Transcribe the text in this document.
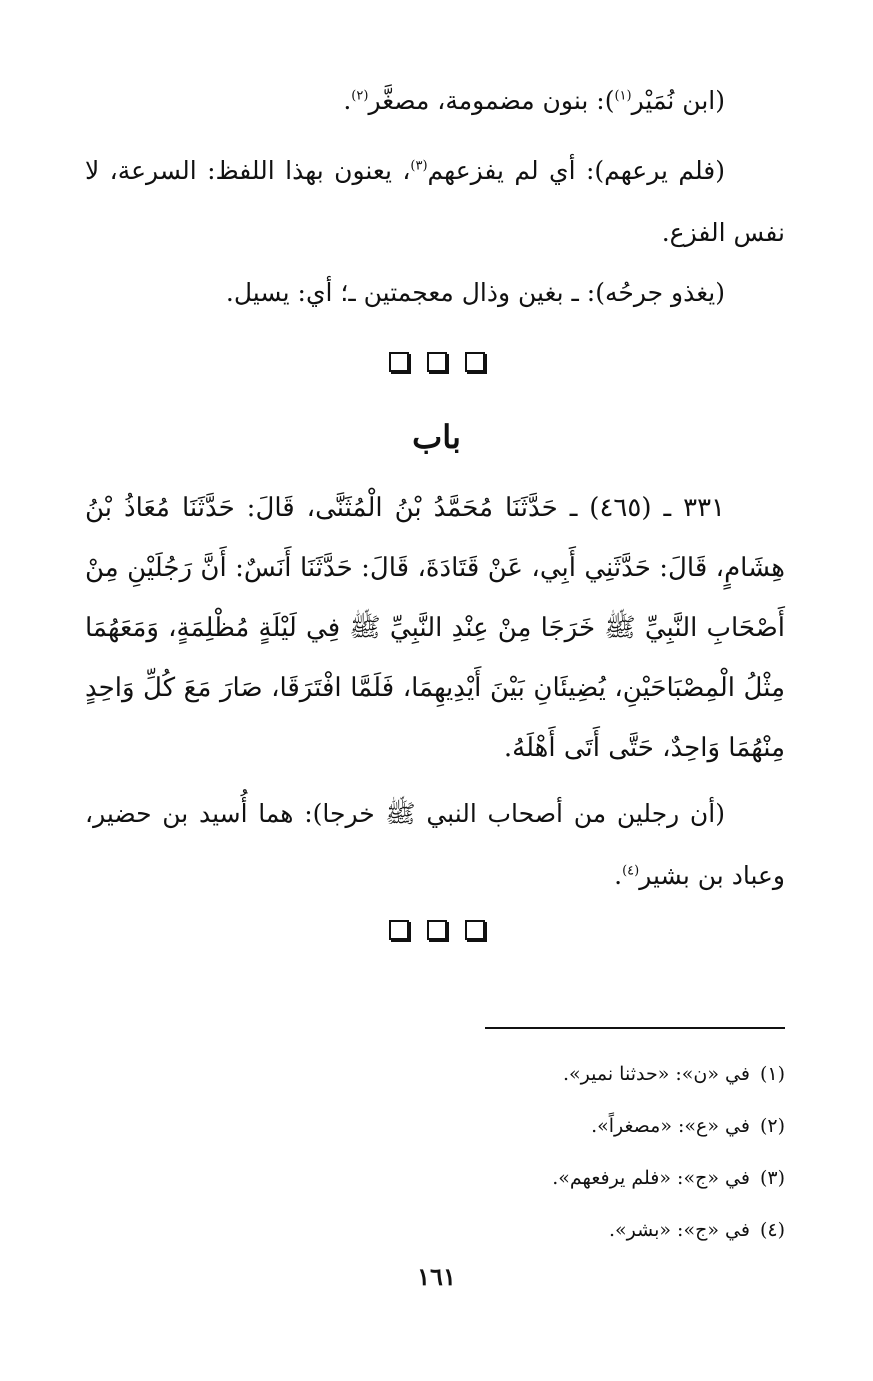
(ابن نُمَيْر$^{(١)}$): بنون مضمومة، مصغَّر$^{(٢)}$.

(فلم يرعهم): أي لم يفزعهم$^{(٣)}$، يعنون بهذا اللفظ: السرعة، لا نفس الفزع.

(يغذو جرحُه): ـ بغين وذال معجمتين ـ؛ أي: يسيل.

باب

٣٣١ ـ (٤٦٥) ـ حَدَّثَنَا مُحَمَّدُ بْنُ الْمُثَنَّى، قَالَ: حَدَّثَنَا مُعَاذُ بْنُ هِشَامٍ، قَالَ: حَدَّثَنِي أَبِي، عَنْ قَتَادَةَ، قَالَ: حَدَّثَنَا أَنَسٌ: أَنَّ رَجُلَيْنِ مِنْ أَصْحَابِ النَّبِيِّ ﷺ خَرَجَا مِنْ عِنْدِ النَّبِيِّ ﷺ فِي لَيْلَةٍ مُظْلِمَةٍ، وَمَعَهُمَا مِثْلُ الْمِصْبَاحَيْنِ، يُضِيئَانِ بَيْنَ أَيْدِيهِمَا، فَلَمَّا افْتَرَقَا، صَارَ مَعَ كُلِّ وَاحِدٍ مِنْهُمَا وَاحِدٌ، حَتَّى أَتَى أَهْلَهُ.

(أن رجلين من أصحاب النبي ﷺ خرجا): هما أُسيد بن حضير، وعباد بن بشير$^{(٤)}$.

(١)في «ن»: «حدثنا نمير».
(٢)في «ع»: «مصغراً».
(٣)في «ج»: «فلم يرفعهم».
(٤)في «ج»: «بشر».
١٦١
